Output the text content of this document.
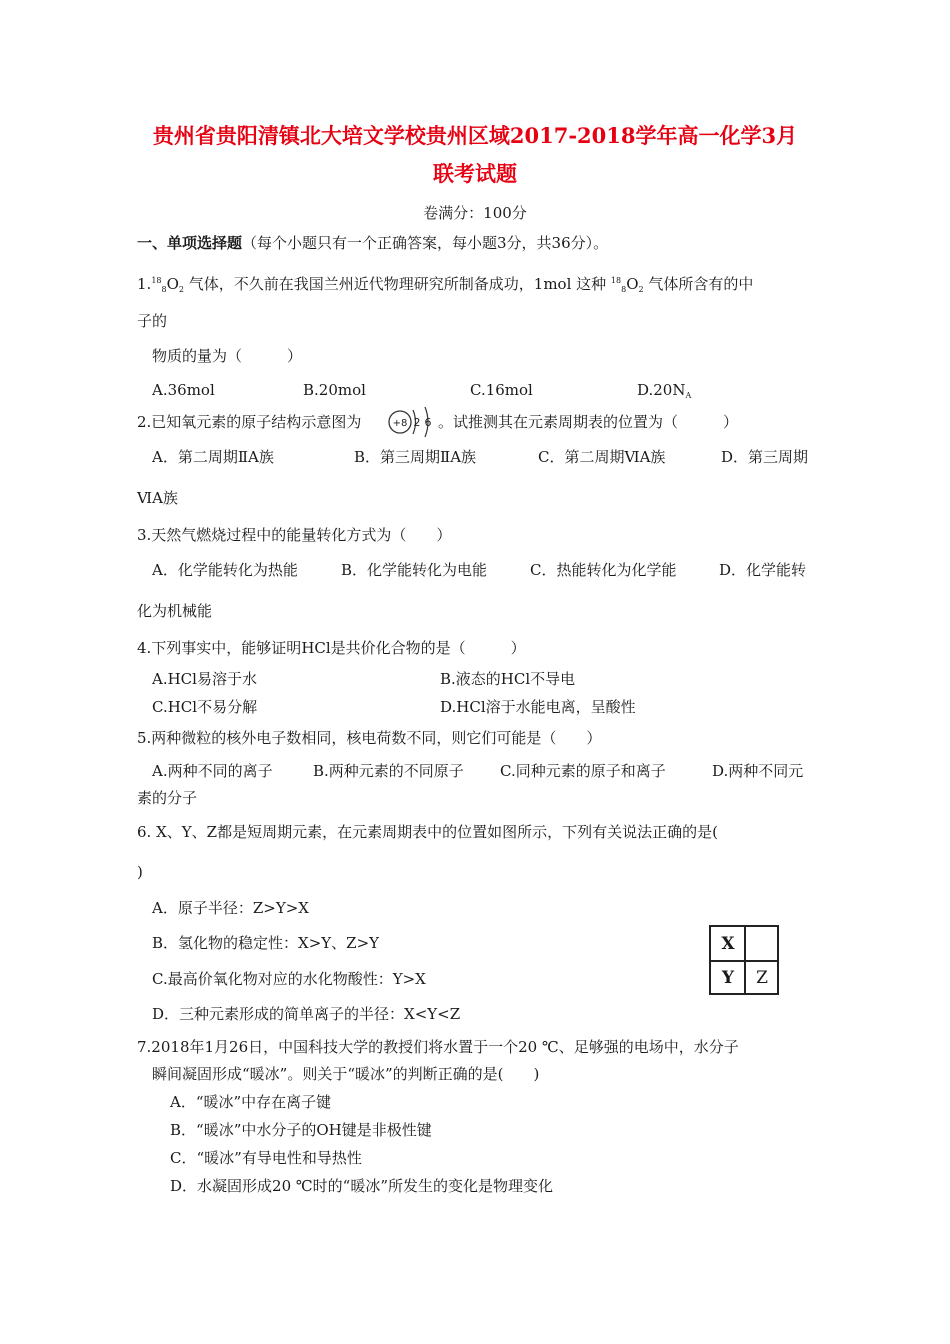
贵州省贵阳清镇北大培文学校贵州区域2017-2018学年高一化学3月
联考试题
卷满分：100分
一、单项选择题（每个小题只有一个正确答案，每小题3分，共36分）。
$1.18_8O_2$ 气体，不久前在我国兰州近代物理研究所制备成功，1mol 这种 $^{18}_8O_2$ 气体所含有的中
子的
物质的量为（　　　）
A.36mol	B.20mol	C.16mol	$D.20N_A$
2.已知氧元素的原子结构示意图为	+8 2 6 。试推测其在元素周期表的位置为（　　　）
A．第二周期ⅡA族	B．第三周期ⅡA族	C．第二周期ⅥA族	D．第三周期
ⅥA族
3.天然气燃烧过程中的能量转化方式为（　　）
A．化学能转化为热能	B．化学能转化为电能	C．热能转化为化学能	D．化学能转
化为机械能
4.下列事实中，能够证明HCl是共价化合物的是（　　　）
A.HCl易溶于水	B.液态的HCl不导电
C.HCl不易分解	D.HCl溶于水能电离，呈酸性
5.两种微粒的核外电子数相同，核电荷数不同，则它们可能是（　　）
A.两种不同的离子	B.两种元素的不同原子 C.同种元素的原子和离子	D.两种不同元
素的分子
6. X、Y、Z都是短周期元素，在元素周期表中的位置如图所示，下列有关说法正确的是(
)
A．原子半径：Z>Y>X
B．氢化物的稳定性：X>Y、Z>Y
C.最高价氧化物对应的水化物酸性：Y>X
D．三种元素形成的简单离子的半径：X<Y<Z
X
Y	Z
7.2018年1月26日，中国科技大学的教授们将水置于一个20 ℃、足够强的电场中，水分子
瞬间凝固形成“暖冰”。则关于“暖冰”的判断正确的是(　　)
A．“暖冰”中存在离子键
B．“暖冰”中水分子的OH键是非极性键
C．“暖冰”有导电性和导热性
D．水凝固形成20 ℃时的“暖冰”所发生的变化是物理变化
